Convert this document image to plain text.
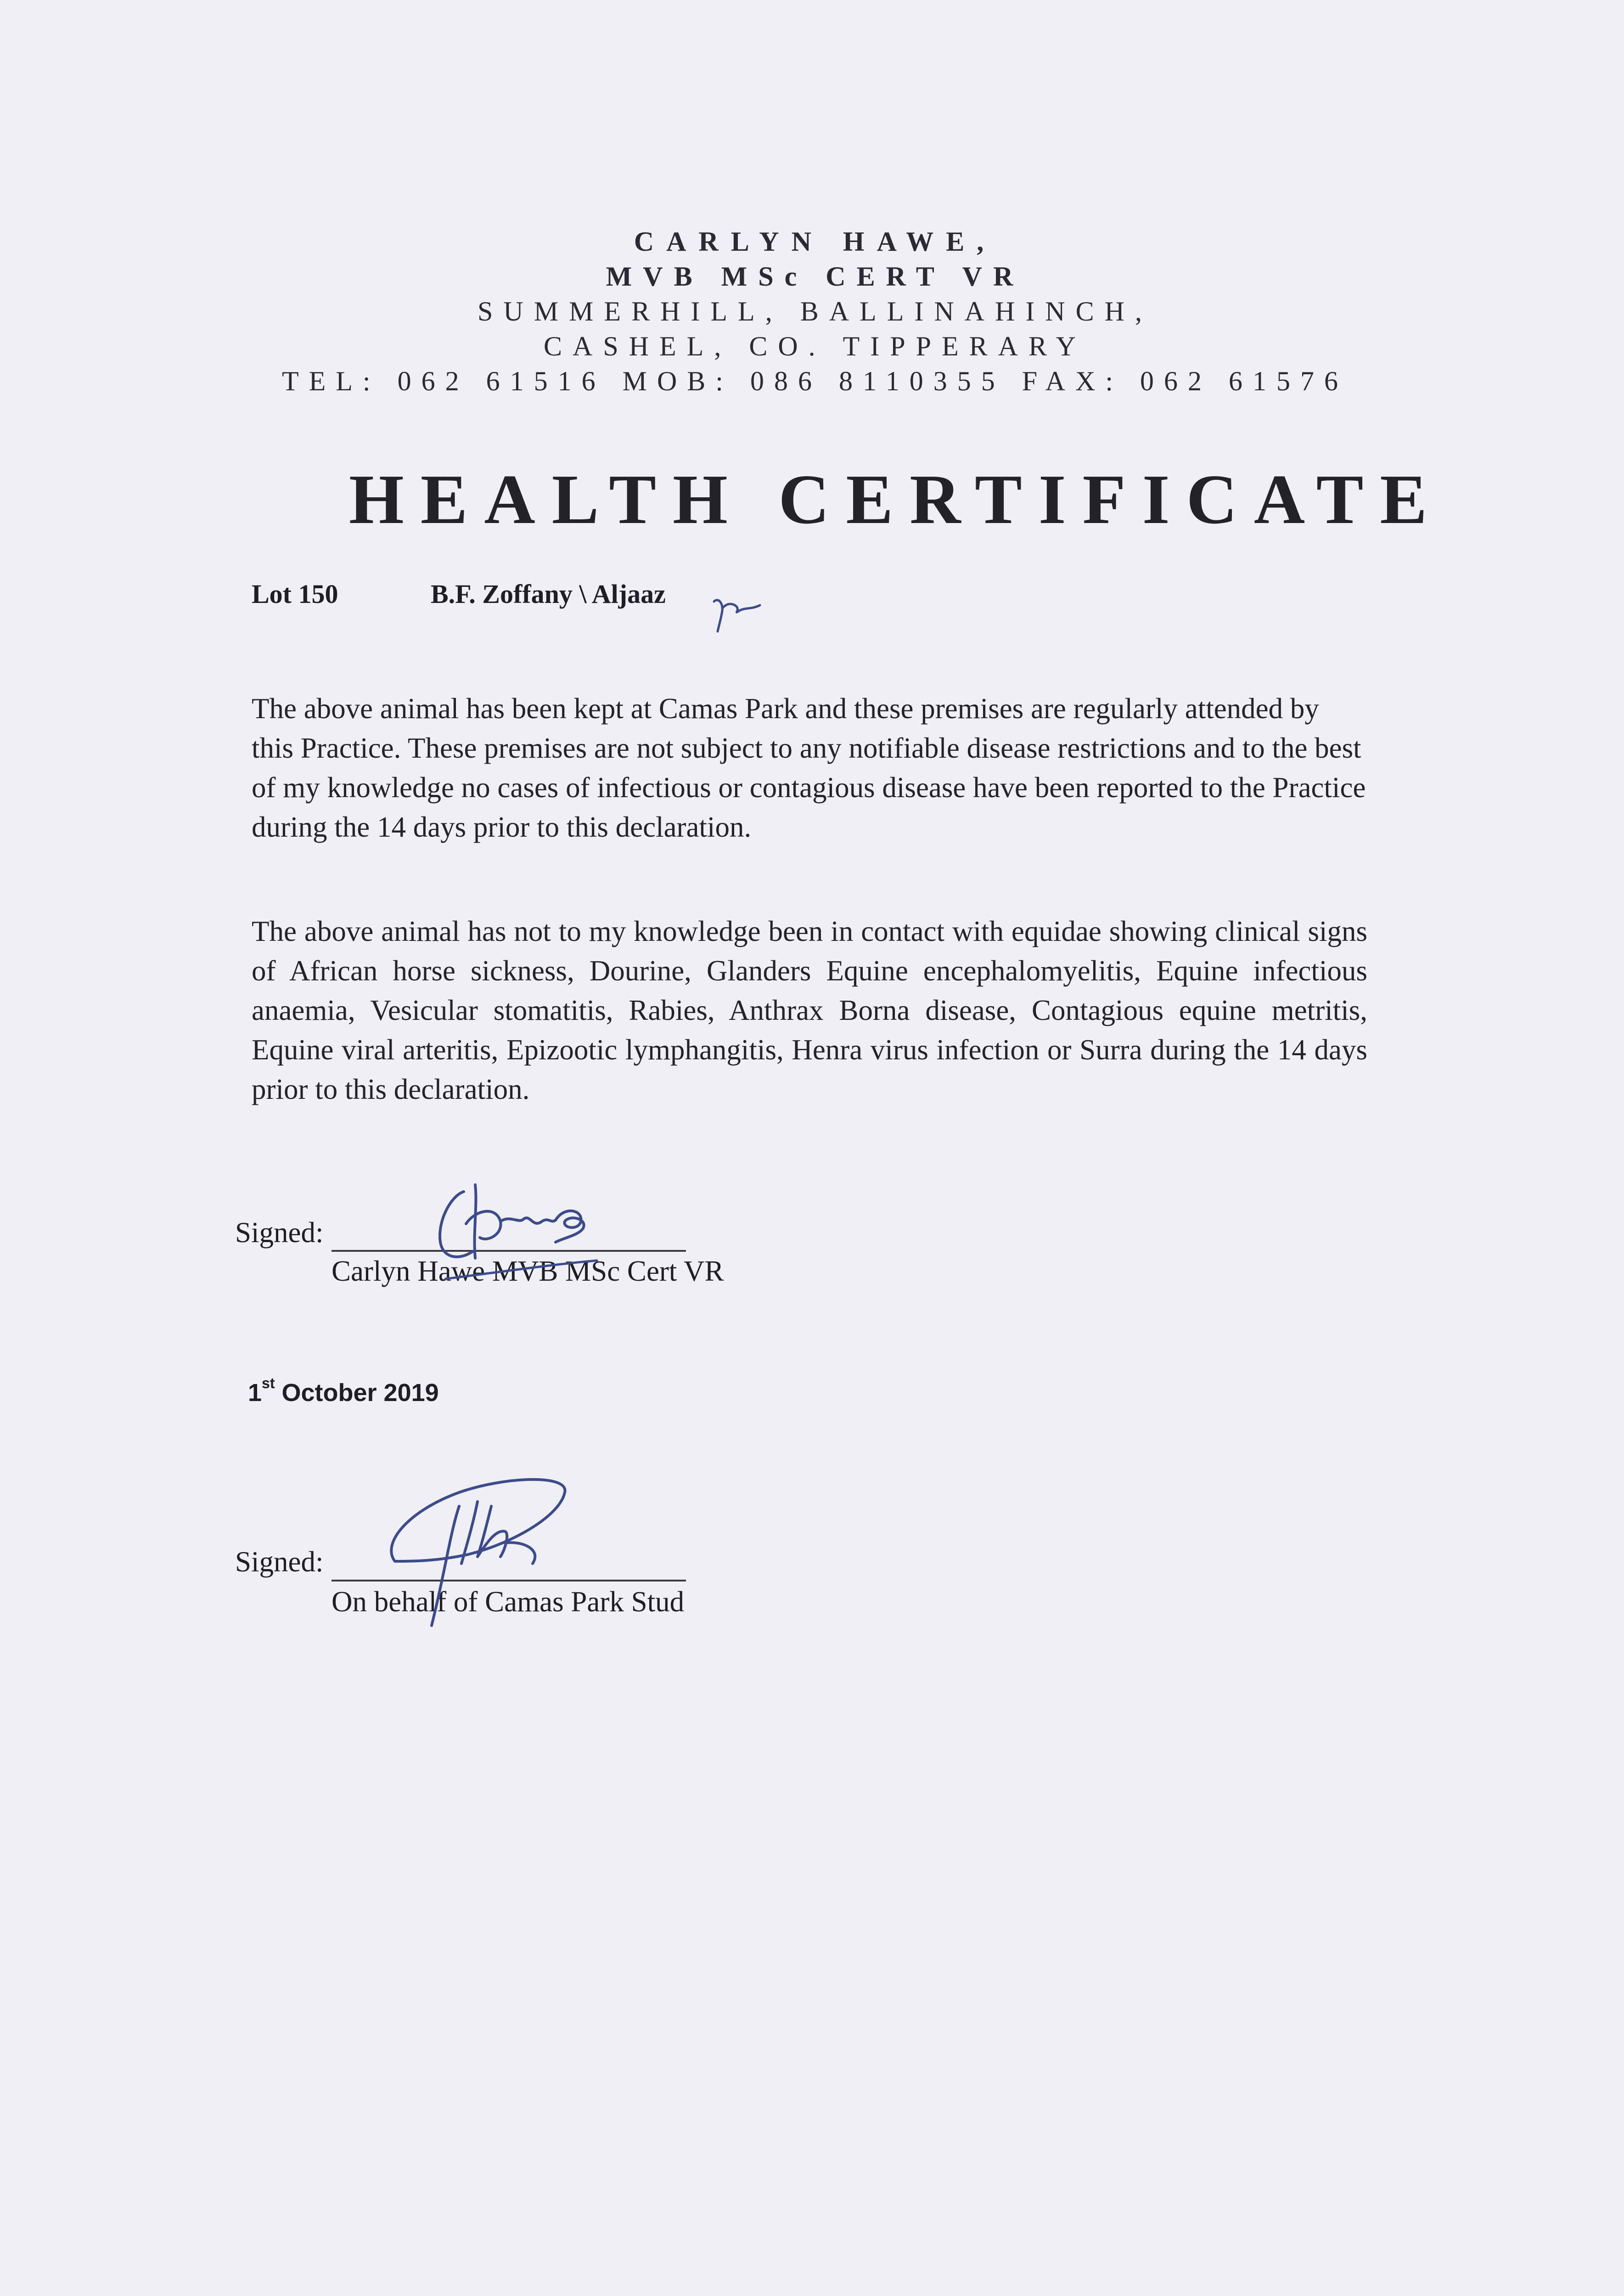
CARLYN HAWE,
MVB MSc CERT VR
SUMMERHILL, BALLINAHINCH,
CASHEL, CO. TIPPERARY
TEL: 062 61516 MOB: 086 8110355 FAX: 062 61576
HEALTH CERTIFICATE
Lot 150	B.F. Zoffany \ Aljaaz
The above animal has been kept at Camas Park and these premises are regularly attended by this Practice. These premises are not subject to any notifiable disease restrictions and to the best of my knowledge no cases of infectious or contagious disease have been reported to the Practice during the 14 days prior to this declaration.
The above animal has not to my knowledge been in contact with equidae showing clinical signs of African horse sickness, Dourine, Glanders Equine encephalomyelitis, Equine infectious anaemia, Vesicular stomatitis, Rabies, Anthrax Borna disease, Contagious equine metritis, Equine viral arteritis, Epizootic lymphangitis, Henra virus infection or Surra during the 14 days prior to this declaration.
Signed:
Carlyn Hawe MVB MSc Cert VR
1st October 2019
Signed:
On behalf of Camas Park Stud
